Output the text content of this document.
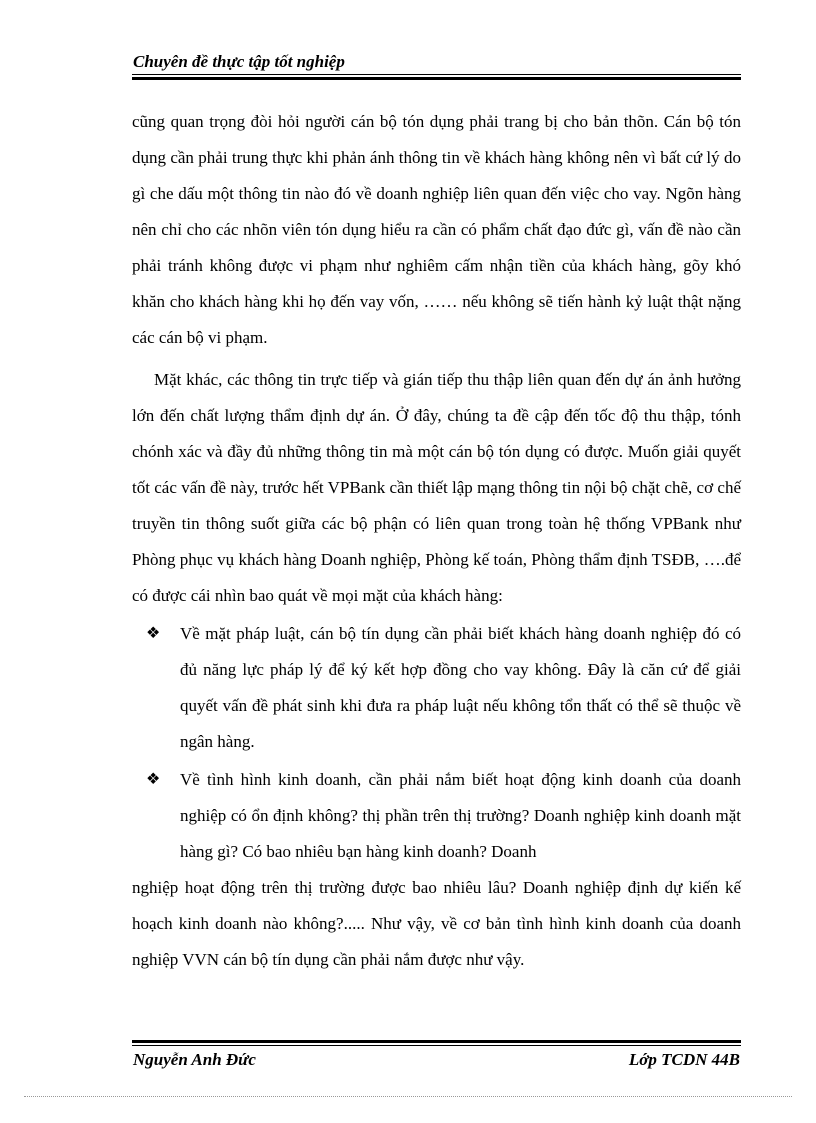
Chuyên đề thực tập tốt nghiệp

cũng quan trọng đòi hỏi người cán bộ tón dụng phải trang bị cho bản thõn. Cán bộ tón dụng cần phải trung thực khi phản ánh thông tin về khách hàng không nên vì bất cứ lý do gì che dấu một thông tin nào đó về doanh nghiệp liên quan đến việc cho vay. Ngõn hàng nên chỉ cho các nhõn viên tón dụng hiểu ra cần có phẩm chất đạo đức gì, vấn đề nào cần phải tránh không được vi phạm như nghiêm cấm nhận tiền của khách hàng, gõy khó khăn cho khách hàng khi họ đến vay vốn, …… nếu không sẽ tiến hành kỷ luật thật nặng các cán bộ vi phạm.

Mặt khác, các thông tin trực tiếp và gián tiếp thu thập liên quan đến dự án ảnh hưởng lớn đến chất lượng thẩm định dự án. Ở đây, chúng ta đề cập đến tốc độ thu thập, tónh chónh xác và đầy đủ những thông tin mà một cán bộ tón dụng có được. Muốn giải quyết tốt các vấn đề này, trước hết VPBank cần thiết lập mạng thông tin nội bộ chặt chẽ, cơ chế truyền tin thông suốt giữa các bộ phận có liên quan trong toàn hệ thống VPBank như Phòng phục vụ khách hàng Doanh nghiệp, Phòng kế toán, Phòng thẩm định TSĐB, ….để có được cái nhìn bao quát về mọi mặt của khách hàng:

❖ Về mặt pháp luật, cán bộ tín dụng cần phải biết khách hàng doanh nghiệp đó có đủ năng lực pháp lý để ký kết hợp đồng cho vay không. Đây là căn cứ để giải quyết vấn đề phát sinh khi đưa ra pháp luật nếu không tổn thất có thể sẽ thuộc về ngân hàng.
❖ Về tình hình kinh doanh, cần phải nắm biết hoạt động kinh doanh của doanh nghiệp có ổn định không? thị phần trên thị trường? Doanh nghiệp kinh doanh mặt hàng gì? Có bao nhiêu bạn hàng kinh doanh? Doanh

nghiệp hoạt động trên thị trường được bao nhiêu lâu? Doanh nghiệp định dự kiến kế hoạch kinh doanh nào không?..... Như vậy, về cơ bản tình hình kinh doanh của doanh nghiệp VVN cán bộ tín dụng cần phải nắm được như vậy.

Nguyễn Anh Đức	Lớp TCDN 44B
